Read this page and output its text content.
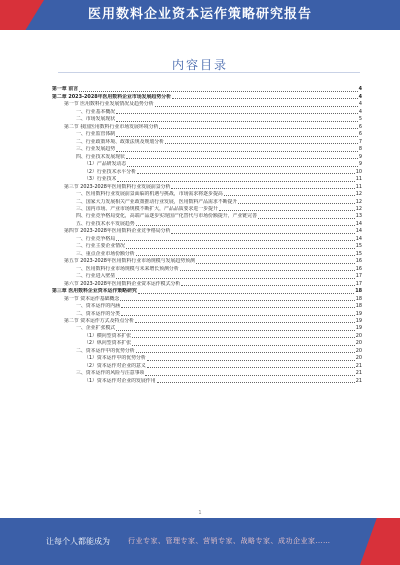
医用数料企业资本运作策略研究报告
内容目录
第一章 前言	4
第二章 2023-2028年医用数料企业市场发展趋势分析	4
第一节 医用数料行业发展情况及趋势分析	4
一、行业基本概况	4
二、市场发展现状	5
第二节 我国医用数料行业市场发展环境分析	6
一、行业监管体制	6
二、行业政策环境、政策法规及规划分析	7
三、行业发展趋势	8
四、行业技术发展现状	9
（1）产品研发动态	9
（2）行业技术水平分析	10
（3）行业技术	11
第三节 2023-2028年医用数料行业发展前景分析	11
一、医用数料行业发展前景面临的机遇与挑战，市场需求将逐步提高	12
二、国家大力发展相关产业政策推动行业发展，医用数料产品需求不断提升	12
三、国内市场、产业市场规模不断扩大，产品品质要求进一步提升	12
四、行业竞争格局变化，高端产品逐步实现国产化替代与市场份额提升，产业链完善	13
五、行业技术水平发展趋势	14
第四节 2023-2028年医用数料企业竞争格局分析	14
一、行业竞争格局	14
二、行业主要企业情况	15
三、重点企业市场份额分析	15
第五节 2023-2028年医用数料行业市场规模与发展趋势预测	16
一、医用数料行业市场规模与未来增长预测分析	16
二、行业进入壁垒	17
第六节 2023-2028年医用数料企业资本运作模式分析	17
第三章 医用数料企业资本运作策略研究	18
第一节 资本运作基础概念	18
一、资本运作的内涵	18
二、资本运作的分类	19
第二节 资本运作方式及特点分析	19
一、企业扩张模式	19
（1）横向型资本扩张	20
（2）纵向型资本扩张	20
二、资本运作中的优势分析	20
（1）资本运作中的优势分析	20
（2）资本运作对企业的意义	21
三、资本运作的风险与注意事项	21
（1）资本运作对企业的发展作用	21
1
让每个人都能成为	行业专家、管理专家、营销专家、战略专家、成功企业家……
